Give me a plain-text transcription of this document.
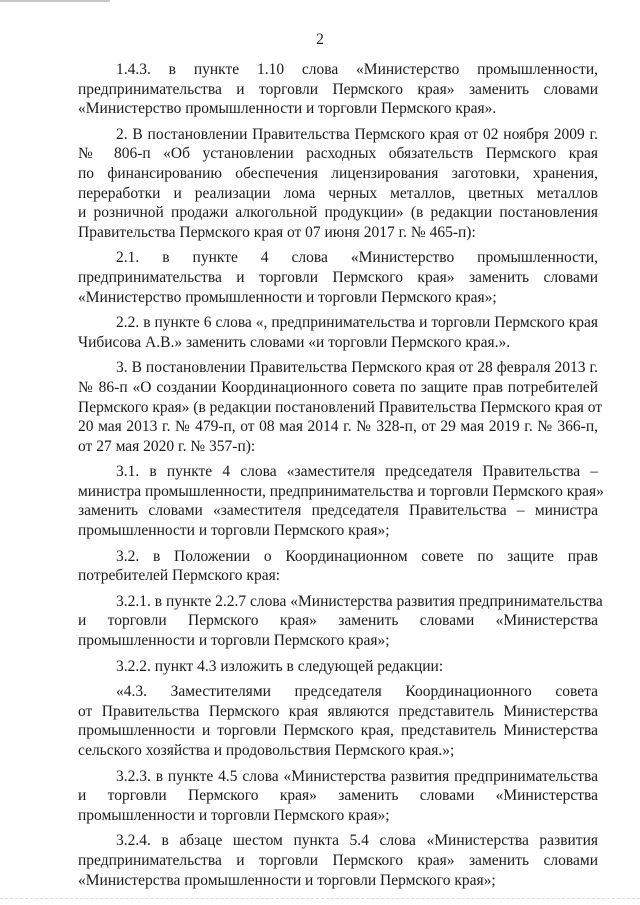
2

1.4.3. в пункте 1.10 слова «Министерство промышленности,
предпринимательства и торговли Пермского края» заменить словами
«Министерство промышленности и торговли Пермского края».

2. В постановлении Правительства Пермского края от 02 ноября 2009 г.
№ 806-п «Об установлении расходных обязательств Пермского края
по финансированию обеспечения лицензирования заготовки, хранения,
переработки и реализации лома черных металлов, цветных металлов
и розничной продажи алкогольной продукции» (в редакции постановления
Правительства Пермского края от 07 июня 2017 г. № 465-п):

2.1. в пункте 4 слова «Министерство промышленности,
предпринимательства и торговли Пермского края» заменить словами
«Министерство промышленности и торговли Пермского края»;

2.2. в пункте 6 слова «, предпринимательства и торговли Пермского края
Чибисова А.В.» заменить словами «и торговли Пермского края.».

3. В постановлении Правительства Пермского края от 28 февраля 2013 г.
№ 86-п «О создании Координационного совета по защите прав потребителей
Пермского края» (в редакции постановлений Правительства Пермского края от
20 мая 2013 г. № 479-п, от 08 мая 2014 г. № 328-п, от 29 мая 2019 г. № 366-п,
от 27 мая 2020 г. № 357-п):

3.1. в пункте 4 слова «заместителя председателя Правительства –
министра промышленности, предпринимательства и торговли Пермского края»
заменить словами «заместителя председателя Правительства – министра
промышленности и торговли Пермского края»;

3.2. в Положении о Координационном совете по защите прав
потребителей Пермского края:

3.2.1. в пункте 2.2.7 слова «Министерства развития предпринимательства
и торговли Пермского края» заменить словами «Министерства
промышленности и торговли Пермского края»;

3.2.2. пункт 4.3 изложить в следующей редакции:

«4.3. Заместителями председателя Координационного совета
от Правительства Пермского края являются представитель Министерства
промышленности и торговли Пермского края, представитель Министерства
сельского хозяйства и продовольствия Пермского края.»;

3.2.3. в пункте 4.5 слова «Министерства развития предпринимательства
и торговли Пермского края» заменить словами «Министерства
промышленности и торговли Пермского края»;

3.2.4. в абзаце шестом пункта 5.4 слова «Министерства развития
предпринимательства и торговли Пермского края» заменить словами
«Министерства промышленности и торговли Пермского края»;
